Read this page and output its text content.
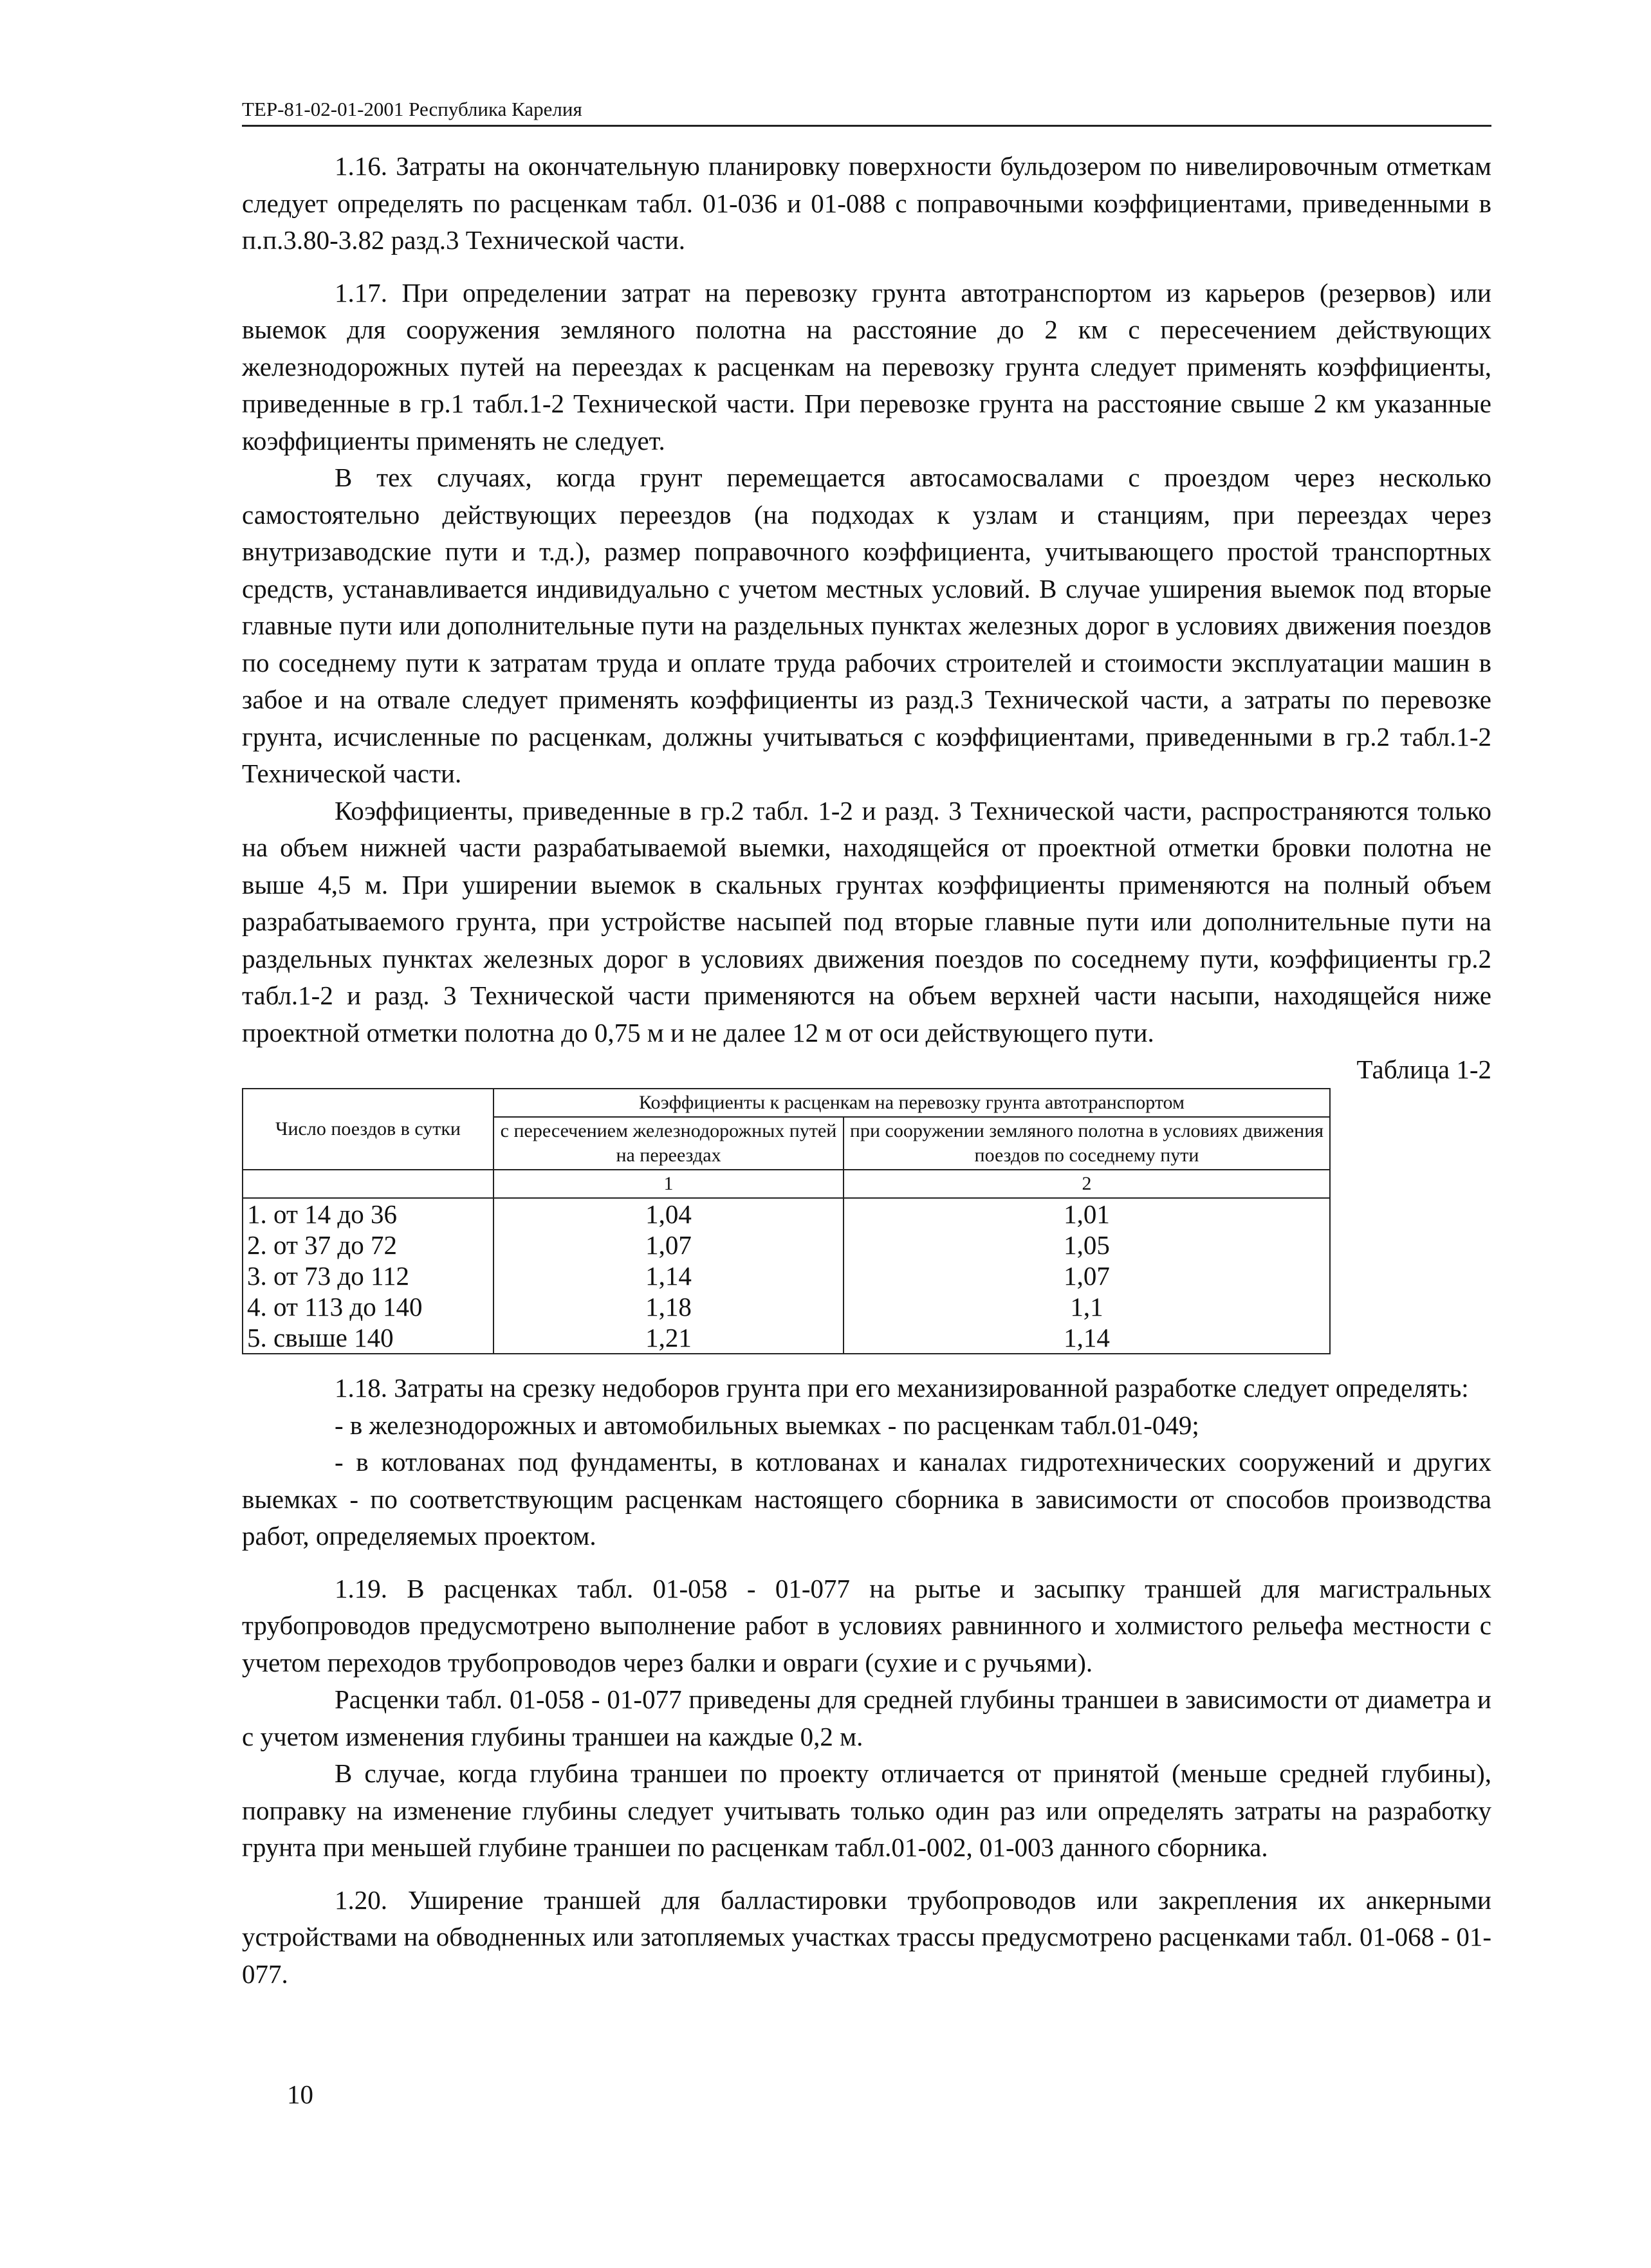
ТЕР-81-02-01-2001 Республика Карелия

1.16. Затраты на окончательную планировку поверхности бульдозером по нивелировочным отметкам следует определять по расценкам табл. 01-036 и 01-088 с поправочными коэффициентами, приведенными в п.п.3.80-3.82 разд.3 Технической части.

1.17. При определении затрат на перевозку грунта автотранспортом из карьеров (резервов) или выемок для сооружения земляного полотна на расстояние до 2 км с пересечением действующих железнодорожных путей на переездах к расценкам на перевозку грунта следует применять коэффициенты, приведенные в гр.1 табл.1-2 Технической части. При перевозке грунта на расстояние свыше 2 км указанные коэффициенты применять не следует.

В тех случаях, когда грунт перемещается автосамосвалами с проездом через несколько самостоятельно действующих переездов (на подходах к узлам и станциям, при переездах через внутризаводские пути и т.д.), размер поправочного коэффициента, учитывающего простой транспортных средств, устанавливается индивидуально с учетом местных условий. В случае уширения выемок под вторые главные пути или дополнительные пути на раздельных пунктах железных дорог в условиях движения поездов по соседнему пути к затратам труда и оплате труда рабочих строителей и стоимости эксплуатации машин в забое и на отвале следует применять коэффициенты из разд.3 Технической части, а затраты по перевозке грунта, исчисленные по расценкам, должны учитываться с коэффициентами, приведенными в гр.2 табл.1-2 Технической части.

Коэффициенты, приведенные в гр.2 табл. 1-2 и разд. 3 Технической части, распространяются только на объем нижней части разрабатываемой выемки, находящейся от проектной отметки бровки полотна не выше 4,5 м. При уширении выемок в скальных грунтах коэффициенты применяются на полный объем разрабатываемого грунта, при устройстве насыпей под вторые главные пути или дополнительные пути на раздельных пунктах железных дорог в условиях движения поездов по соседнему пути, коэффициенты гр.2 табл.1-2 и разд. 3 Технической части применяются на объем верхней части насыпи, находящейся ниже проектной отметки полотна до 0,75 м и не далее 12 м от оси действующего пути.

Таблица 1-2
Число поездов в сутки	Коэффициенты к расценкам на перевозку грунта автотранспортом	
	с пересечением железнодорожных путей на переездах	при сооружении земляного полотна в условиях движения поездов по соседнему пути
	1	2
1. от 14 до 36	1,04	1,01
2. от 37 до 72	1,07	1,05
3. от 73 до 112	1,14	1,07
4. от 113 до 140	1,18	1,1
5. свыше 140	1,21	1,14

1.18. Затраты на срезку недоборов грунта при его механизированной разработке следует определять:

- в железнодорожных и автомобильных выемках - по расценкам табл.01-049;

- в котлованах под фундаменты, в котлованах и каналах гидротехнических сооружений и других выемках - по соответствующим расценкам настоящего сборника в зависимости от способов производства работ, определяемых проектом.

1.19. В расценках табл. 01-058 - 01-077 на рытье и засыпку траншей для магистральных трубопроводов предусмотрено выполнение работ в условиях равнинного и холмистого рельефа местности с учетом переходов трубопроводов через балки и овраги (сухие и с ручьями).

Расценки табл. 01-058 - 01-077 приведены для средней глубины траншеи в зависимости от диаметра и с учетом изменения глубины траншеи на каждые 0,2 м.

В случае, когда глубина траншеи по проекту отличается от принятой (меньше средней глубины), поправку на изменение глубины следует учитывать только один раз или определять затраты на разработку грунта при меньшей глубине траншеи по расценкам табл.01-002, 01-003 данного сборника.

1.20. Уширение траншей для балластировки трубопроводов или закрепления их анкерными устройствами на обводненных или затопляемых участках трассы предусмотрено расценками табл. 01-068 - 01-077.

10
